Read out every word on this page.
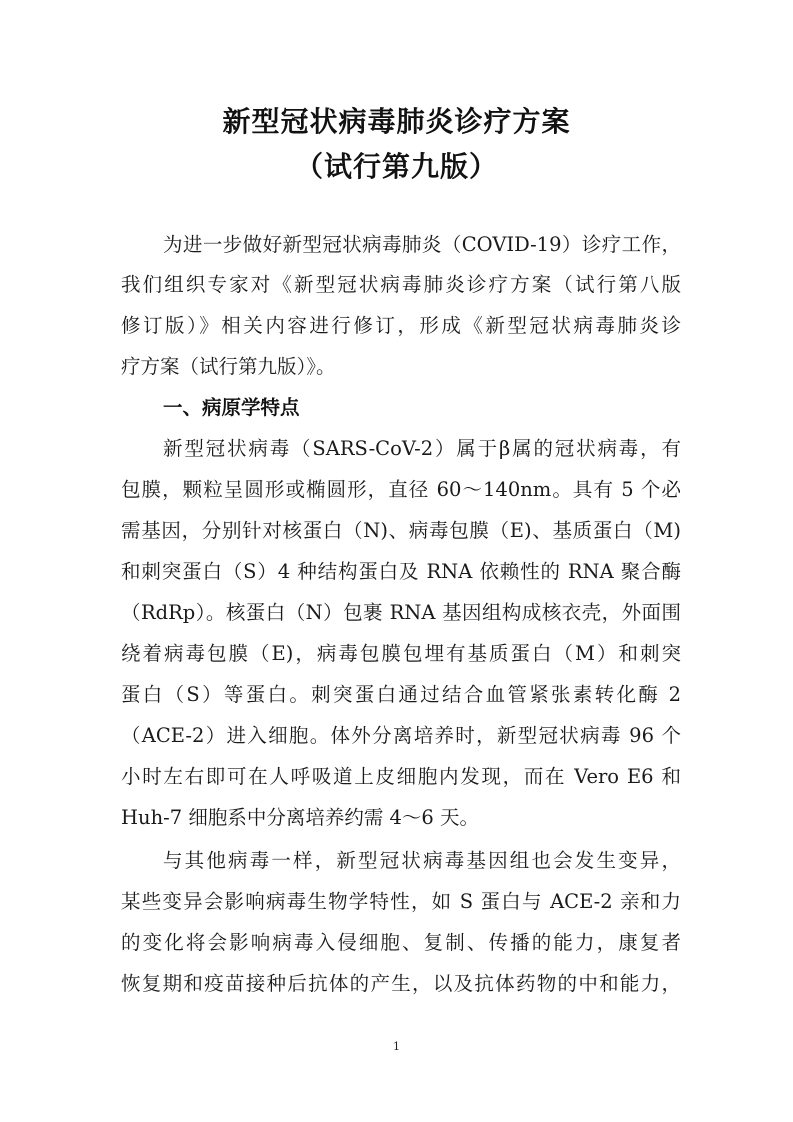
新型冠状病毒肺炎诊疗方案
（试行第九版）
为进一步做好新型冠状病毒肺炎（COVID-19）诊疗工作，
我们组织专家对《新型冠状病毒肺炎诊疗方案（试行第八版
修订版）》相关内容进行修订，形成《新型冠状病毒肺炎诊
疗方案（试行第九版）》。
一、病原学特点
新型冠状病毒（SARS-CoV-2）属于β属的冠状病毒，有
包膜，颗粒呈圆形或椭圆形，直径 60～140nm。具有 5 个必
需基因，分别针对核蛋白（N)、病毒包膜（E)、基质蛋白（M)
和刺突蛋白（S）4 种结构蛋白及 RNA 依赖性的 RNA 聚合酶
（RdRp）。核蛋白（N）包裹 RNA 基因组构成核衣壳，外面围
绕着病毒包膜（E)，病毒包膜包埋有基质蛋白（M）和刺突
蛋白（S）等蛋白。刺突蛋白通过结合血管紧张素转化酶 2
（ACE-2）进入细胞。体外分离培养时，新型冠状病毒 96 个
小时左右即可在人呼吸道上皮细胞内发现，而在 Vero E6 和
Huh-7 细胞系中分离培养约需 4～6 天。
与其他病毒一样，新型冠状病毒基因组也会发生变异，
某些变异会影响病毒生物学特性，如 S 蛋白与 ACE-2 亲和力
的变化将会影响病毒入侵细胞、复制、传播的能力，康复者
恢复期和疫苗接种后抗体的产生，以及抗体药物的中和能力，
1
